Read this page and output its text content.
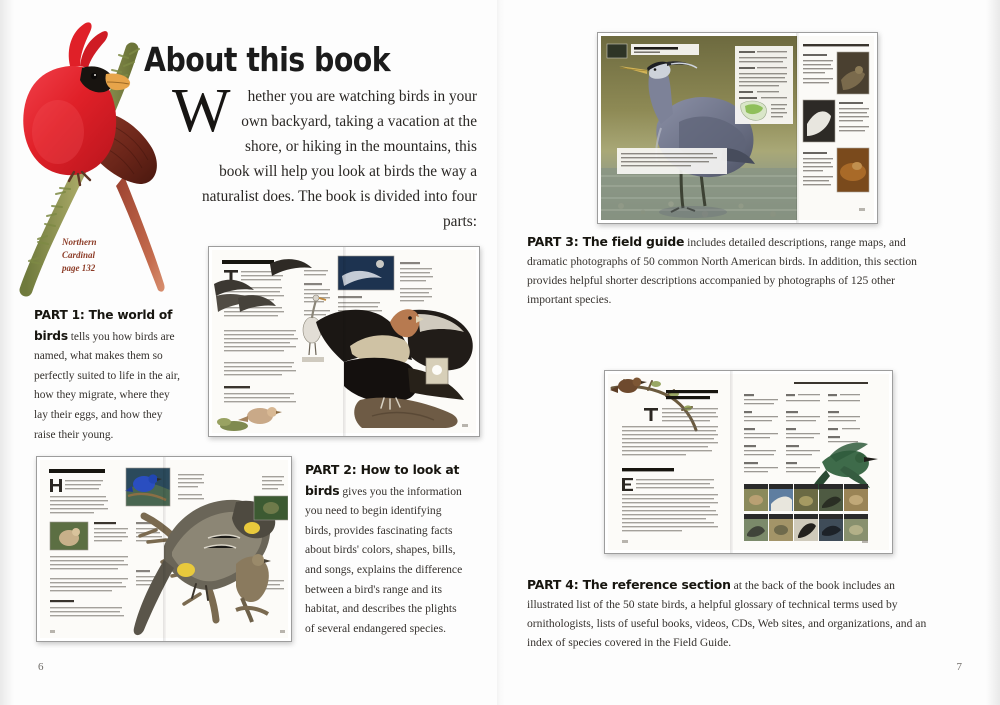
About this book

W hether you are watching birds in your own backyard, taking a vacation at the shore, or hiking in the mountains, this book will help you look at birds the way a naturalist does. The book is divided into four parts:

Northern
Cardinal
page 132

PART 1: The world of birds tells you how birds are named, what makes them so perfectly suited to life in the air, how they migrate, where they lay their eggs, and how they raise their young.

PART 2: How to look at birds gives you the information you need to begin identifying birds, provides fascinating facts about birds' colors, shapes, bills, and songs, explains the difference between a bird's range and its habitat, and describes the plights of several endangered species.

PART 3: The field guide includes detailed descriptions, range maps, and dramatic photographs of 50 common North American birds. In addition, this section provides helpful shorter descriptions accompanied by photographs of 125 other important species.

PART 4: The reference section at the back of the book includes an illustrated list of the 50 state birds, a helpful glossary of technical terms used by ornithologists, lists of useful books, videos, CDs, Web sites, and organizations, and an index of species covered in the Field Guide.

6	7
